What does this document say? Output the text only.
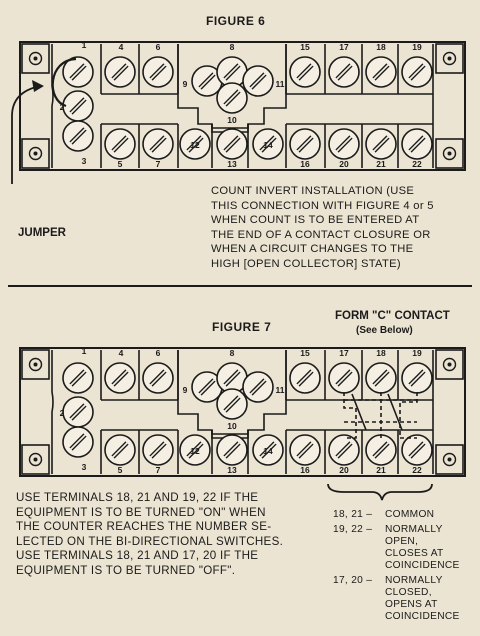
FIGURE 6
1	4	6	8	15	17	18	19
9
10
11
2
3	5	7
12
13
14
16	20	21	22
JUMPER
COUNT INVERT INSTALLATION (USE
THIS CONNECTION WITH FIGURE 4 or 5
WHEN COUNT IS TO BE ENTERED AT
THE END OF A CONTACT CLOSURE OR
WHEN A CIRCUIT CHANGES TO THE
HIGH [OPEN COLLECTOR] STATE)
FIGURE 7
FORM "C" CONTACT
(See Below)
1	4	6	8	15	17	18	19
9
10
11
2
3	5	7
12
13
14
16	20	21	22
USE TERMINALS 18, 21 AND 19, 22 IF THE
EQUIPMENT IS TO BE TURNED "ON" WHEN
THE COUNTER REACHES THE NUMBER SE-
LECTED ON THE BI-DIRECTIONAL SWITCHES.
USE TERMINALS 18, 21 AND 17, 20 IF THE
EQUIPMENT IS TO BE TURNED "OFF".
18, 21 –	COMMON
19, 22 –	NORMALLY
OPEN,
CLOSES AT
COINCIDENCE
17, 20 –	NORMALLY
CLOSED,
OPENS AT
COINCIDENCE
